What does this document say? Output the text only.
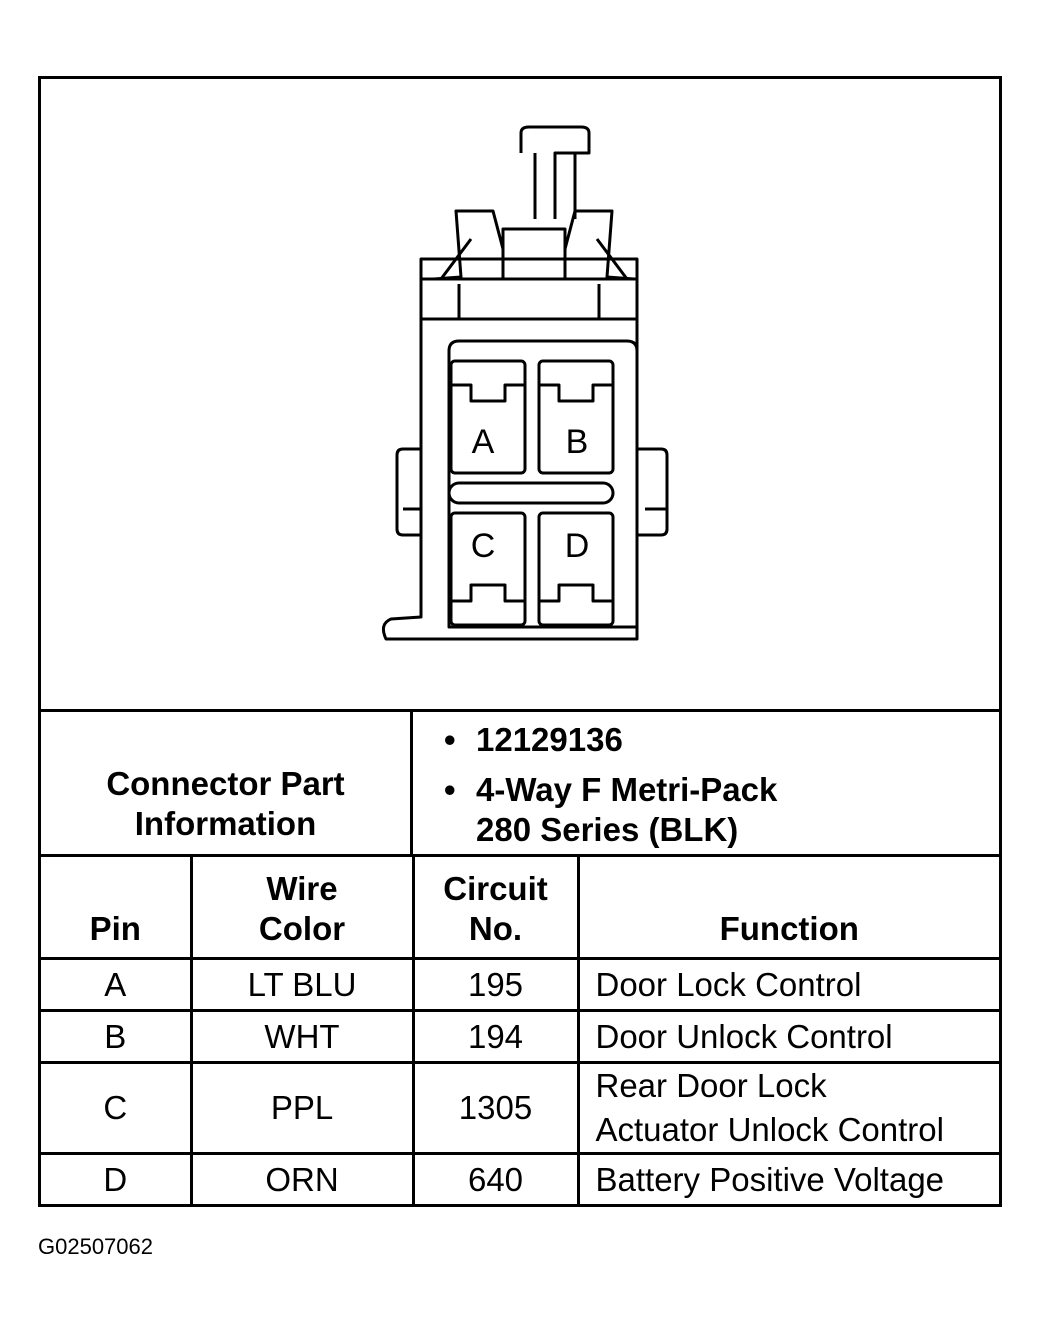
A B
C D
Connector Part Information
• 12129136
• 4-Way F Metri-Pack
280 Series (BLK)
Pin	Wire Color	Circuit No.	Function
A	LT BLU	195	Door Lock Control
B	WHT	194	Door Unlock Control
C	PPL	1305	Rear Door Lock
Actuator Unlock Control

D	ORN	640	Battery Positive Voltage
G02507062
